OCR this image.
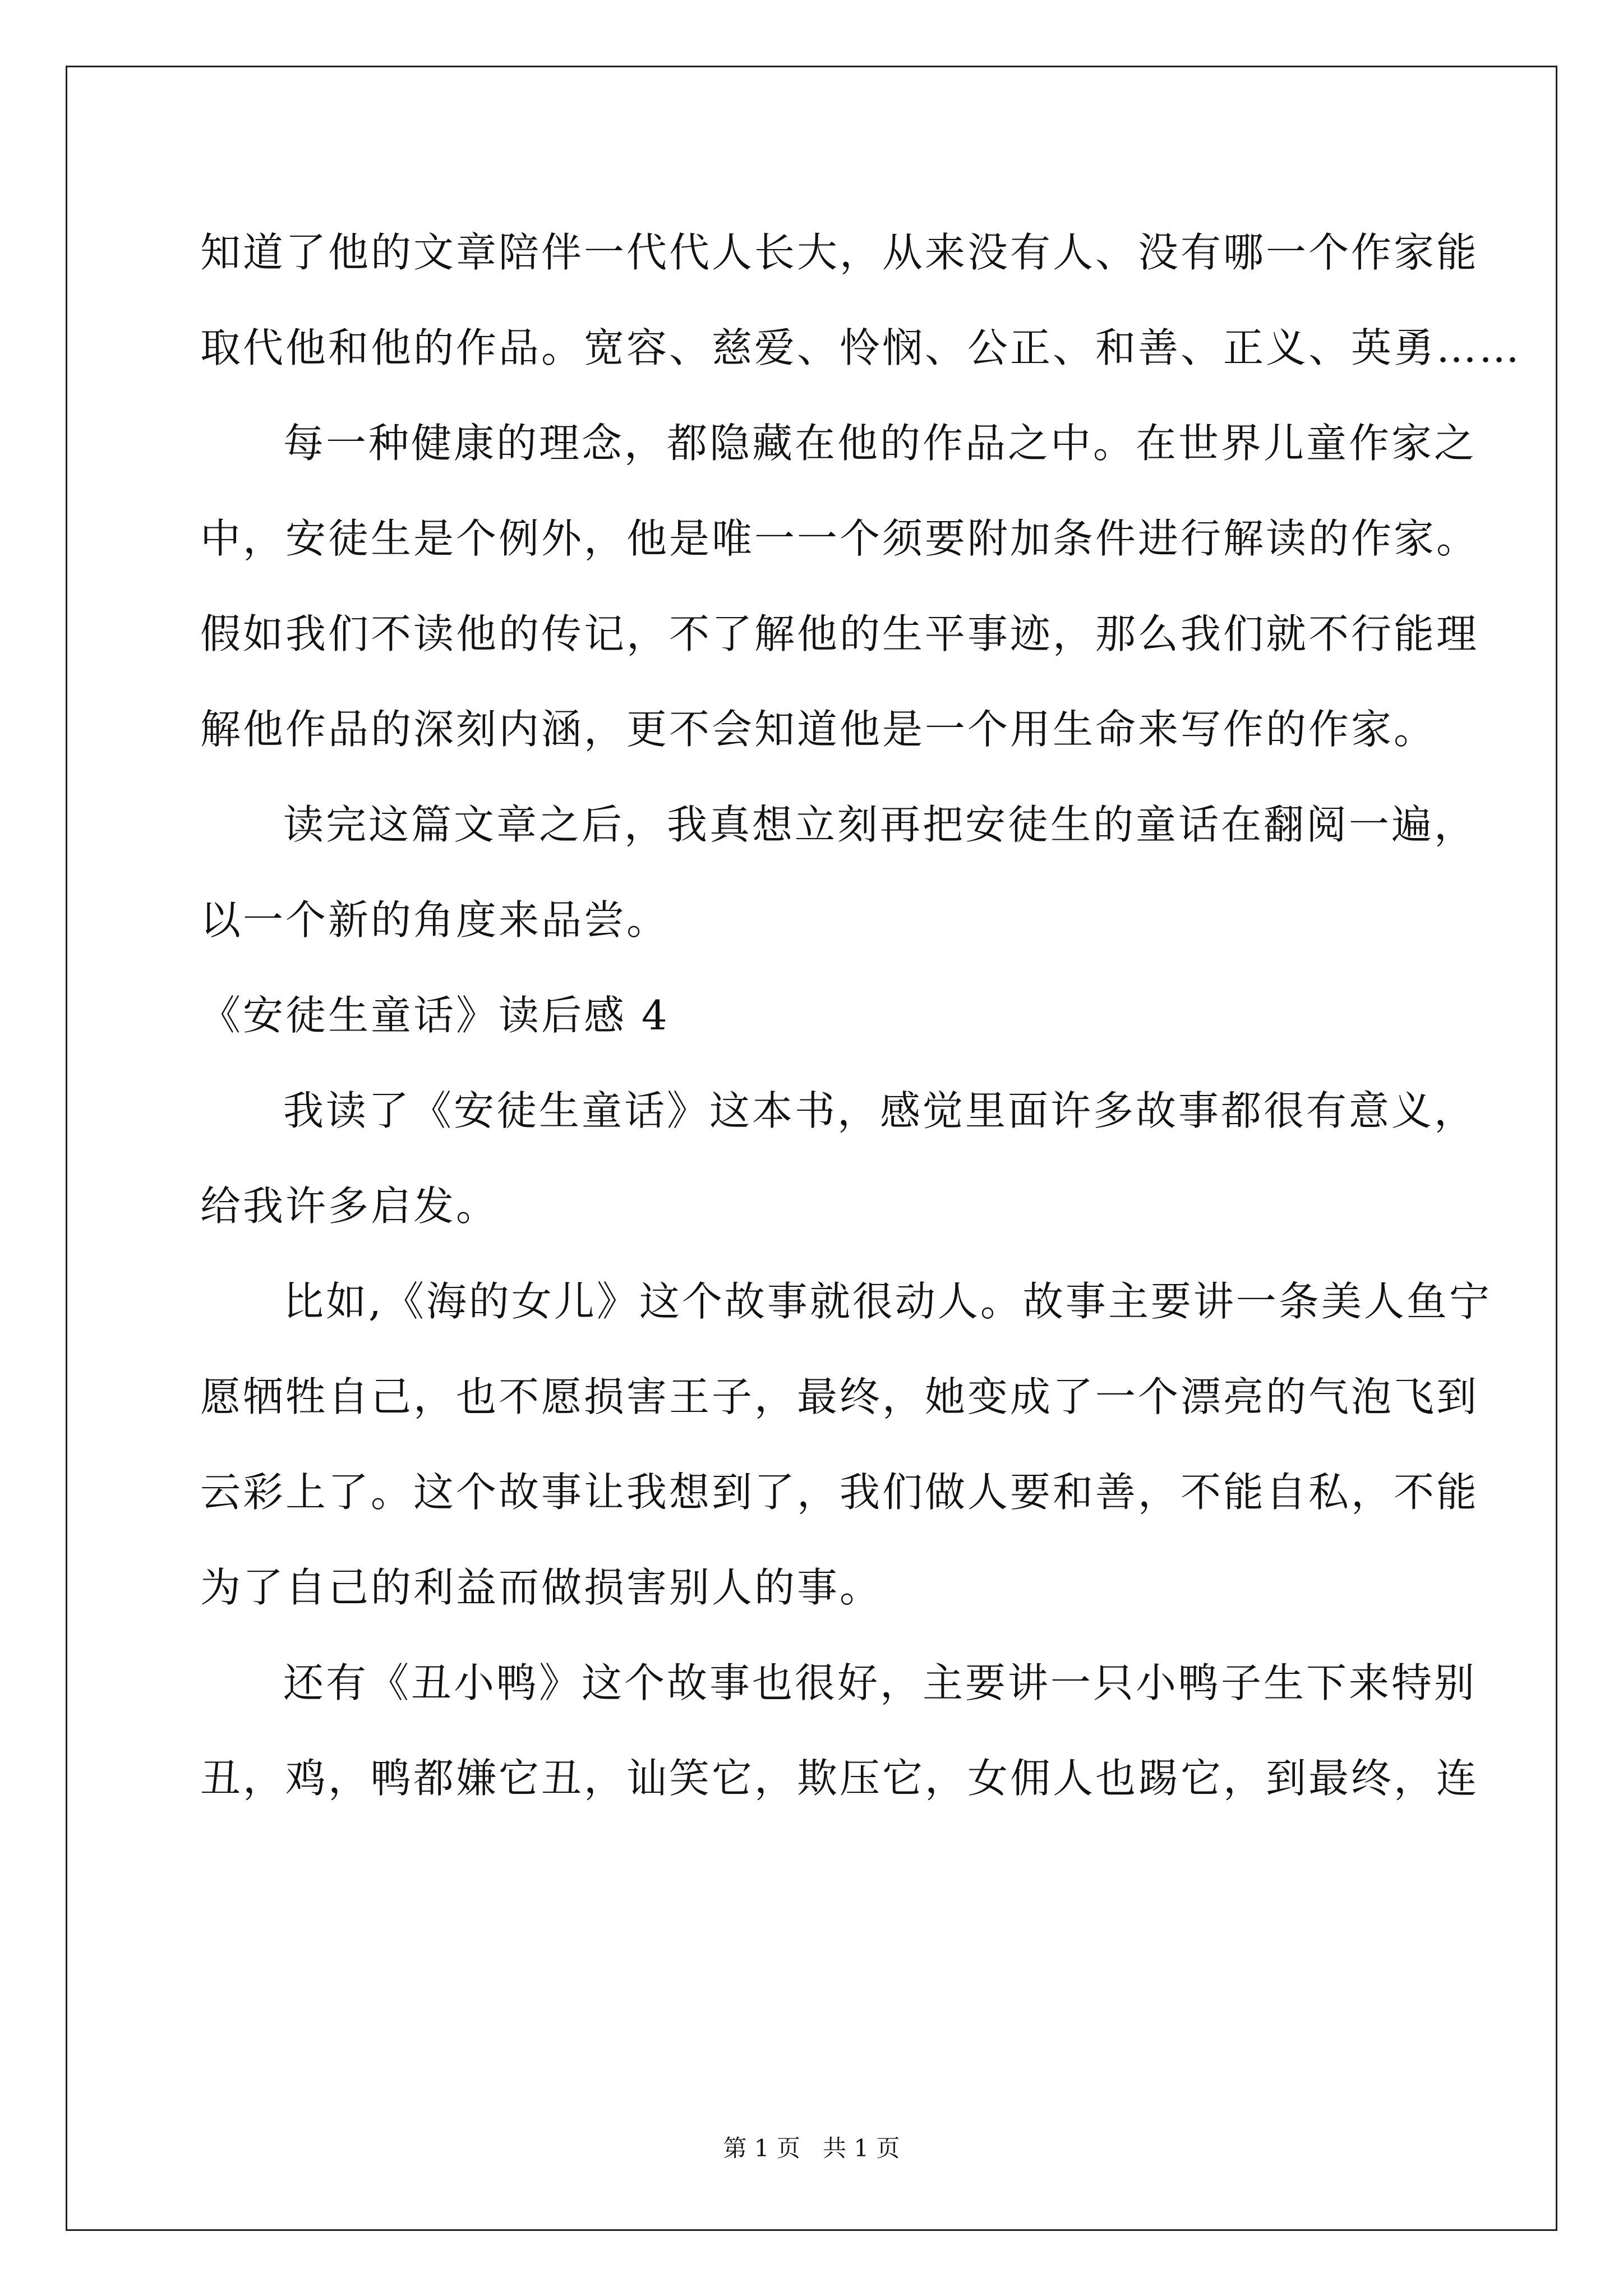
知道了他的文章陪伴一代代人长大，从来没有人、没有哪一个作家能
取代他和他的作品。宽容、慈爱、怜悯、公正、和善、正义、英勇……
每一种健康的理念，都隐藏在他的作品之中。在世界儿童作家之
中，安徒生是个例外，他是唯一一个须要附加条件进行解读的作家。
假如我们不读他的传记，不了解他的生平事迹，那么我们就不行能理
解他作品的深刻内涵，更不会知道他是一个用生命来写作的作家。
读完这篇文章之后，我真想立刻再把安徒生的童话在翻阅一遍，
以一个新的角度来品尝。
《安徒生童话》读后感 4
我读了《安徒生童话》这本书，感觉里面许多故事都很有意义，
给我许多启发。
比如,《海的女儿》这个故事就很动人。故事主要讲一条美人鱼宁
愿牺牲自己，也不愿损害王子，最终，她变成了一个漂亮的气泡飞到
云彩上了。这个故事让我想到了，我们做人要和善，不能自私，不能
为了自己的利益而做损害别人的事。
还有《丑小鸭》这个故事也很好，主要讲一只小鸭子生下来特别
丑，鸡，鸭都嫌它丑，讪笑它，欺压它，女佣人也踢它，到最终，连
第 1 页 共 1 页
